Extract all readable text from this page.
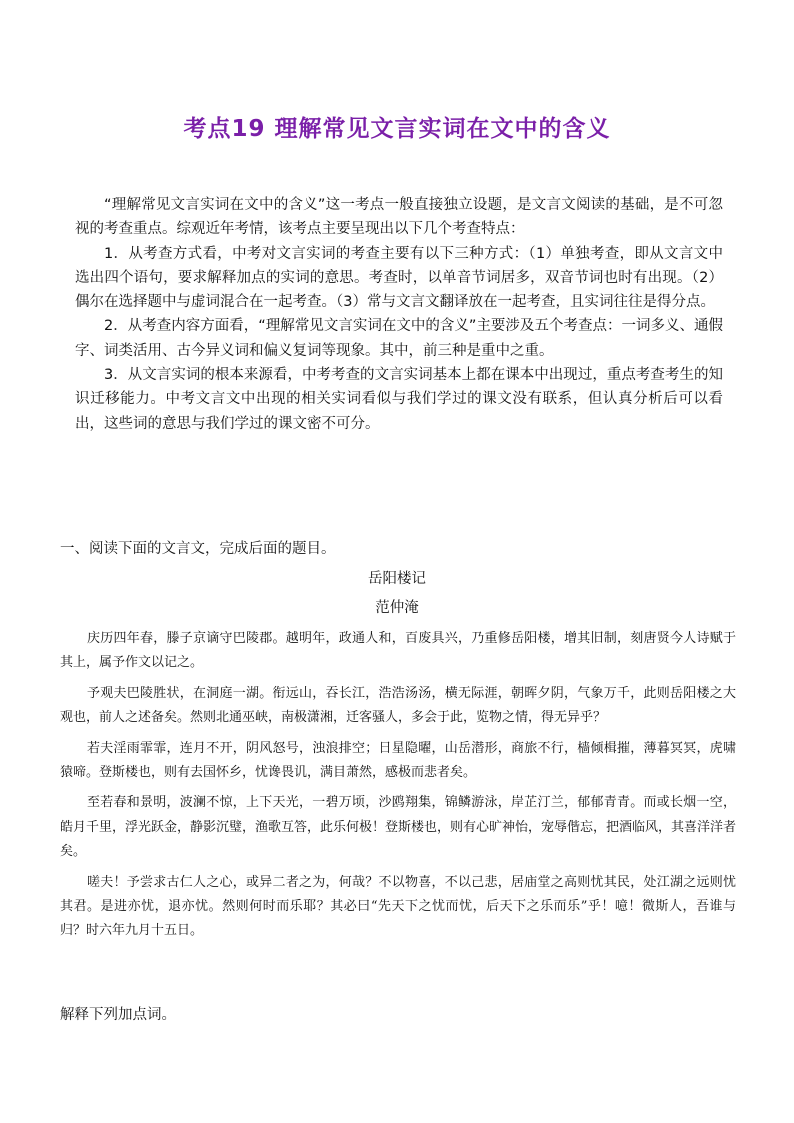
考点19 理解常见文言实词在文中的含义

“理解常见文言实词在文中的含义”这一考点一般直接独立设题，是文言文阅读的基础，是不可忽视的考查重点。综观近年考情，该考点主要呈现出以下几个考查特点：

1．从考查方式看，中考对文言实词的考查主要有以下三种方式：（1）单独考查，即从文言文中选出四个语句，要求解释加点的实词的意思。考查时，以单音节词居多，双音节词也时有出现。（2）偶尔在选择题中与虚词混合在一起考查。（3）常与文言文翻译放在一起考查，且实词往往是得分点。

2．从考查内容方面看，“理解常见文言实词在文中的含义”主要涉及五个考查点：一词多义、通假字、词类活用、古今异义词和偏义复词等现象。其中，前三种是重中之重。

3．从文言实词的根本来源看，中考考查的文言实词基本上都在课本中出现过，重点考查考生的知识迁移能力。中考文言文中出现的相关实词看似与我们学过的课文没有联系，但认真分析后可以看出，这些词的意思与我们学过的课文密不可分。

一、阅读下面的文言文，完成后面的题目。
岳阳楼记
范仲淹

庆历四年春，滕子京谪守巴陵郡。越明年，政通人和，百废具兴，乃重修岳阳楼，增其旧制，刻唐贤今人诗赋于其上，属予作文以记之。

予观夫巴陵胜状，在洞庭一湖。衔远山，吞长江，浩浩汤汤，横无际涯，朝晖夕阴，气象万千，此则岳阳楼之大观也，前人之述备矣。然则北通巫峡，南极潇湘，迁客骚人，多会于此，览物之情，得无异乎？

若夫淫雨霏霏，连月不开，阴风怒号，浊浪排空；日星隐曜，山岳潜形，商旅不行，樯倾楫摧，薄暮冥冥，虎啸猿啼。登斯楼也，则有去国怀乡，忧谗畏讥，满目萧然，感极而悲者矣。

至若春和景明，波澜不惊，上下天光，一碧万顷，沙鸥翔集，锦鳞游泳，岸芷汀兰，郁郁青青。而或长烟一空，皓月千里，浮光跃金，静影沉璧，渔歌互答，此乐何极！登斯楼也，则有心旷神怡，宠辱偕忘，把酒临风，其喜洋洋者矣。

嗟夫！予尝求古仁人之心，或异二者之为，何哉？不以物喜，不以己悲，居庙堂之高则忧其民，处江湖之远则忧其君。是进亦忧，退亦忧。然则何时而乐耶？其必曰“先天下之忧而忧，后天下之乐而乐”乎！噫！微斯人，吾谁与归？时六年九月十五日。

解释下列加点词。
